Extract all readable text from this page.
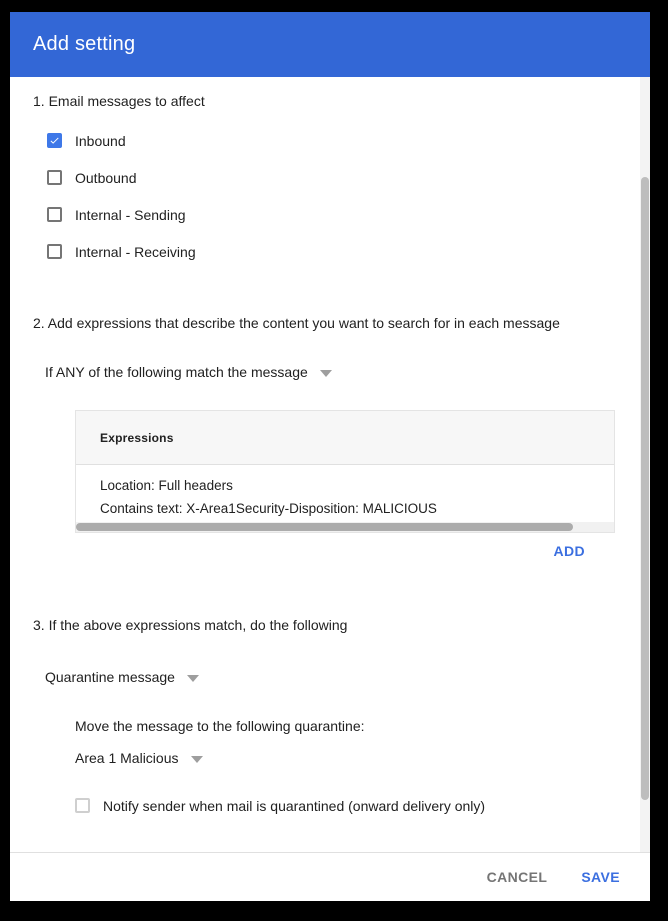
Add setting
1. Email messages to affect
Inbound
Outbound
Internal - Sending
Internal - Receiving
2. Add expressions that describe the content you want to search for in each message
If ANY of the following match the message
Expressions
Location: Full headers
Contains text: X-Area1Security-Disposition: MALICIOUS
ADD
3. If the above expressions match, do the following
Quarantine message
Move the message to the following quarantine:
Area 1 Malicious
Notify sender when mail is quarantined (onward delivery only)
CANCEL SAVE
